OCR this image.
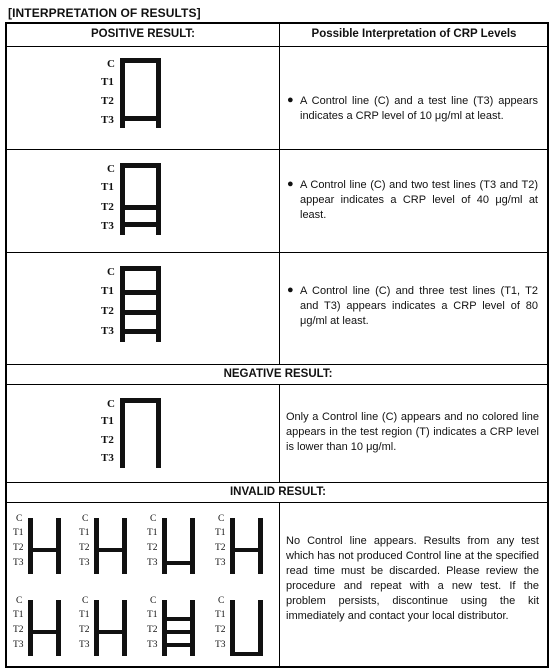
[INTERPRETATION OF RESULTS]
POSITIVE RESULT:	Possible Interpretation of CRP Levels
C
T1
T2
T3
● A Control line (C) and a test line (T3) appears indicates a CRP level of 10 μg/ml at least.
C
T1
T2
T3
● A Control line (C) and two test lines (T3 and T2) appear indicates a CRP level of 40 μg/ml at least.
C
T1
T2
T3
● A Control line (C) and three test lines (T1, T2 and T3) appears indicates a CRP level of 80 μg/ml at least.
NEGATIVE RESULT:
C
T1
T2
T3
Only a Control line (C) appears and no colored line appears in the test region (T) indicates a CRP level is lower than 10 μg/ml.
INVALID RESULT:
C
T1
T2
T3
C
T1
T2
T3
C
T1
T2
T3
C
T1
T2
T3
C
T1
T2
T3
C
T1
T2
T3
C
T1
T2
T3
C
T1
T2
T3
No Control line appears. Results from any test which has not produced Control line at the specified read time must be discarded. Please review the procedure and repeat with a new test. If the problem persists, discontinue using the kit immediately and contact your local distributor.
